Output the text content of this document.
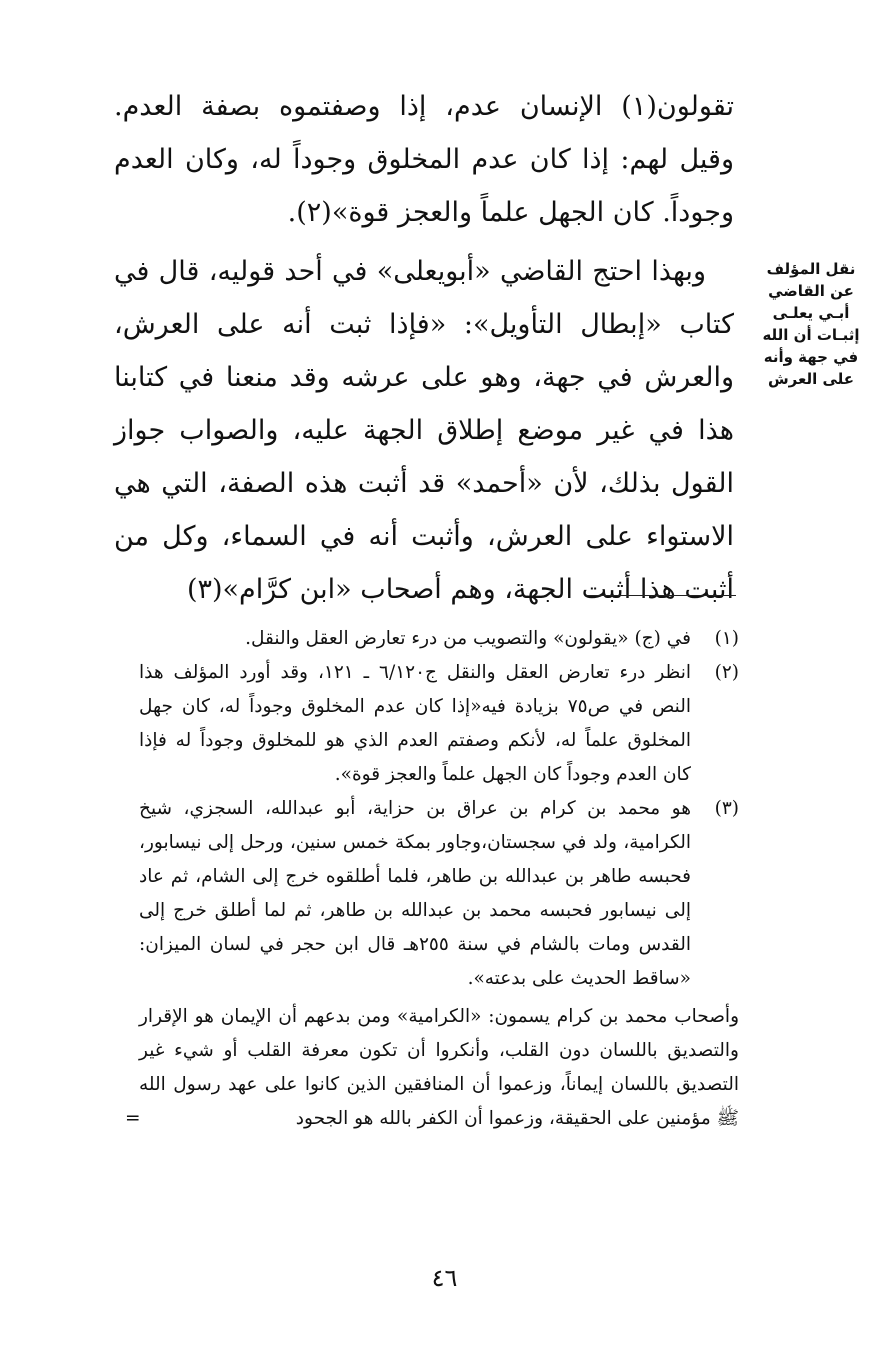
تقولون(١) الإنسان عدم، إذا وصفتموه بصفة العدم. وقيل لهم: إذا كان عدم المخلوق وجوداً له، وكان العدم وجوداً. كان الجهل علماً والعجز قوة»(٢).

وبهذا احتج القاضي «أبويعلى» في أحد قوليه، قال في كتاب «إبطال التأويل»: «فإذا ثبت أنه على العرش، والعرش في جهة، وهو على عرشه وقد منعنا في كتابنا هذا في غير موضع إطلاق الجهة عليه، والصواب جواز القول بذلك، لأن «أحمد» قد أثبت هذه الصفة، التي هي الاستواء على العرش، وأثبت أنه في السماء، وكل من أثبت هذا أثبت الجهة، وهم أصحاب «ابن كرَّام»(٣)

نقل المؤلف
عن القاضي
أبـي يعلـى
إثبـات أن الله
في جهة وأنه
على العرش
(١)
في (ج) «يقولون» والتصويب من درء تعارض العقل والنقل.
(٢)
انظر درء تعارض العقل والنقل ج٦/١٢٠ ـ ١٢١، وقد أورد المؤلف هذا النص في ص٧٥ بزيادة فيه«إذا كان عدم المخلوق وجوداً له، كان جهل المخلوق علماً له، لأنكم وصفتم العدم الذي هو للمخلوق وجوداً له فإذا كان العدم وجوداً كان الجهل علماً والعجز قوة».
(٣)
هو محمد بن كرام بن عراق بن حزاية، أبو عبدالله، السجزي، شيخ الكرامية، ولد في سجستان،وجاور بمكة خمس سنين، ورحل إلى نيسابور، فحبسه طاهر بن عبدالله بن طاهر، فلما أطلقوه خرج إلى الشام، ثم عاد إلى نيسابور فحبسه محمد بن عبدالله بن طاهر، ثم لما أطلق خرج إلى القدس ومات بالشام في سنة ٢٥٥هـ قال ابن حجر في لسان الميزان: «ساقط الحديث على بدعته».
وأصحاب محمد بن كرام يسمون: «الكرامية» ومن بدعهم أن الإيمان هو الإقرار والتصديق باللسان دون القلب، وأنكروا أن تكون معرفة القلب أو شيء غير التصديق باللسان إيماناً، وزعموا أن المنافقين الذين كانوا على عهد رسول الله ﷺ مؤمنين على الحقيقة، وزعموا أن الكفر بالله هو الجحود
=
٤٦
